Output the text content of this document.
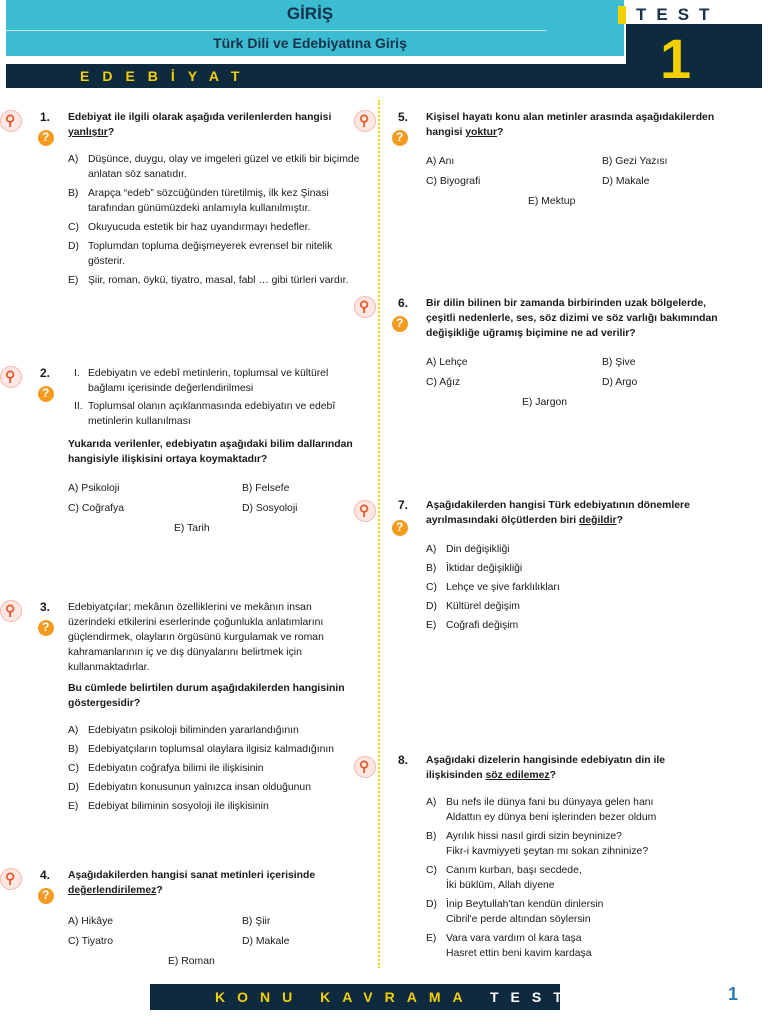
GİRİŞ
Türk Dili ve Edebiyatına Giriş
TEST
1
EDEBİYAT
⚲
?
⚲
?
⚲
?
⚲
?
⚲
?
⚲
?
⚲
?
⚲
1. Edebiyat ile ilgili olarak aşağıda verilenlerden hangisi yanlıştır?
A) Düşünce, duygu, olay ve imgeleri güzel ve etkili bir biçimde anlatan söz sanatıdır.
B) Arapça “edeb” sözcüğünden türetilmiş, ilk kez Şinasi tarafından günümüzdeki anlamıyla kullanılmıştır.
C) Okuyucuda estetik bir haz uyandırmayı hedefler.
D) Toplumdan topluma değişmeyerek evrensel bir nitelik gösterir.
E) Şiir, roman, öykü, tiyatro, masal, fabl … gibi türleri vardır.
2. I. Edebiyatın ve edebî metinlerin, toplumsal ve kültürel bağlamı içerisinde değerlendirilmesi
II. Toplumsal olanın açıklanmasında edebiyatın ve edebî metinlerin kullanılması
Yukarıda verilenler, edebiyatın aşağıdaki bilim dallarından hangisiyle ilişkisini ortaya koymaktadır?
A) Psikoloji	B) Felsefe
C) Coğrafya	D) Sosyoloji
E) Tarih
3. Edebiyatçılar; mekânın özelliklerini ve mekânın insan üzerindeki etkilerini eserlerinde çoğunlukla anlatımlarını güçlendirmek, olayların örgüsünü kurgulamak ve roman kahramanlarının iç ve dış dünyalarını belirtmek için kullanmaktadırlar.
Bu cümlede belirtilen durum aşağıdakilerden hangisinin göstergesidir?
A) Edebiyatın psikoloji biliminden yararlandığının
B) Edebiyatçıların toplumsal olaylara ilgisiz kalmadığının
C) Edebiyatın coğrafya bilimi ile ilişkisinin
D) Edebiyatın konusunun yalnızca insan olduğunun
E) Edebiyat biliminin sosyoloji ile ilişkisinin
4. Aşağıdakilerden hangisi sanat metinleri içerisinde değerlendirilemez?
A) Hikâye	B) Şiir
C) Tiyatro	D) Makale
E) Roman
5. Kişisel hayatı konu alan metinler arasında aşağıdakilerden hangisi yoktur?
A) Anı	B) Gezi Yazısı
C) Biyografi	D) Makale
E) Mektup
6. Bir dilin bilinen bir zamanda birbirinden uzak bölgelerde, çeşitli nedenlerle, ses, söz dizimi ve söz varlığı bakımından değişikliğe uğramış biçimine ne ad verilir?
A) Lehçe	B) Şive
C) Ağız	D) Argo
E) Jargon
7. Aşağıdakilerden hangisi Türk edebiyatının dönemlere ayrılmasındaki ölçütlerden biri değildir?
A) Din değişikliği
B) İktidar değişikliği
C) Lehçe ve şive farklılıkları
D) Kültürel değişim
E) Coğrafi değişim
8. Aşağıdaki dizelerin hangisinde edebiyatın din ile ilişkisinden söz edilemez?
A) Bu nefs ile dünya fani bu dünyaya gelen hanı
Aldattın ey dünya beni işlerinden bezer oldum
B) Ayrılık hissi nasıl girdi sizin beyninize?
Fikr-i kavmiyyeti şeytan mı sokan zihninize?
C) Canım kurban, başı secdede,
İki büklüm, Allah diyene
D) İnip Beytullah'tan kendün dinlersin
Cibril'e perde altından söylersin
E) Vara vara vardım ol kara taşa
Hasret ettin beni kavim kardaşa
KONU KAVRAMA TESTİ	1
